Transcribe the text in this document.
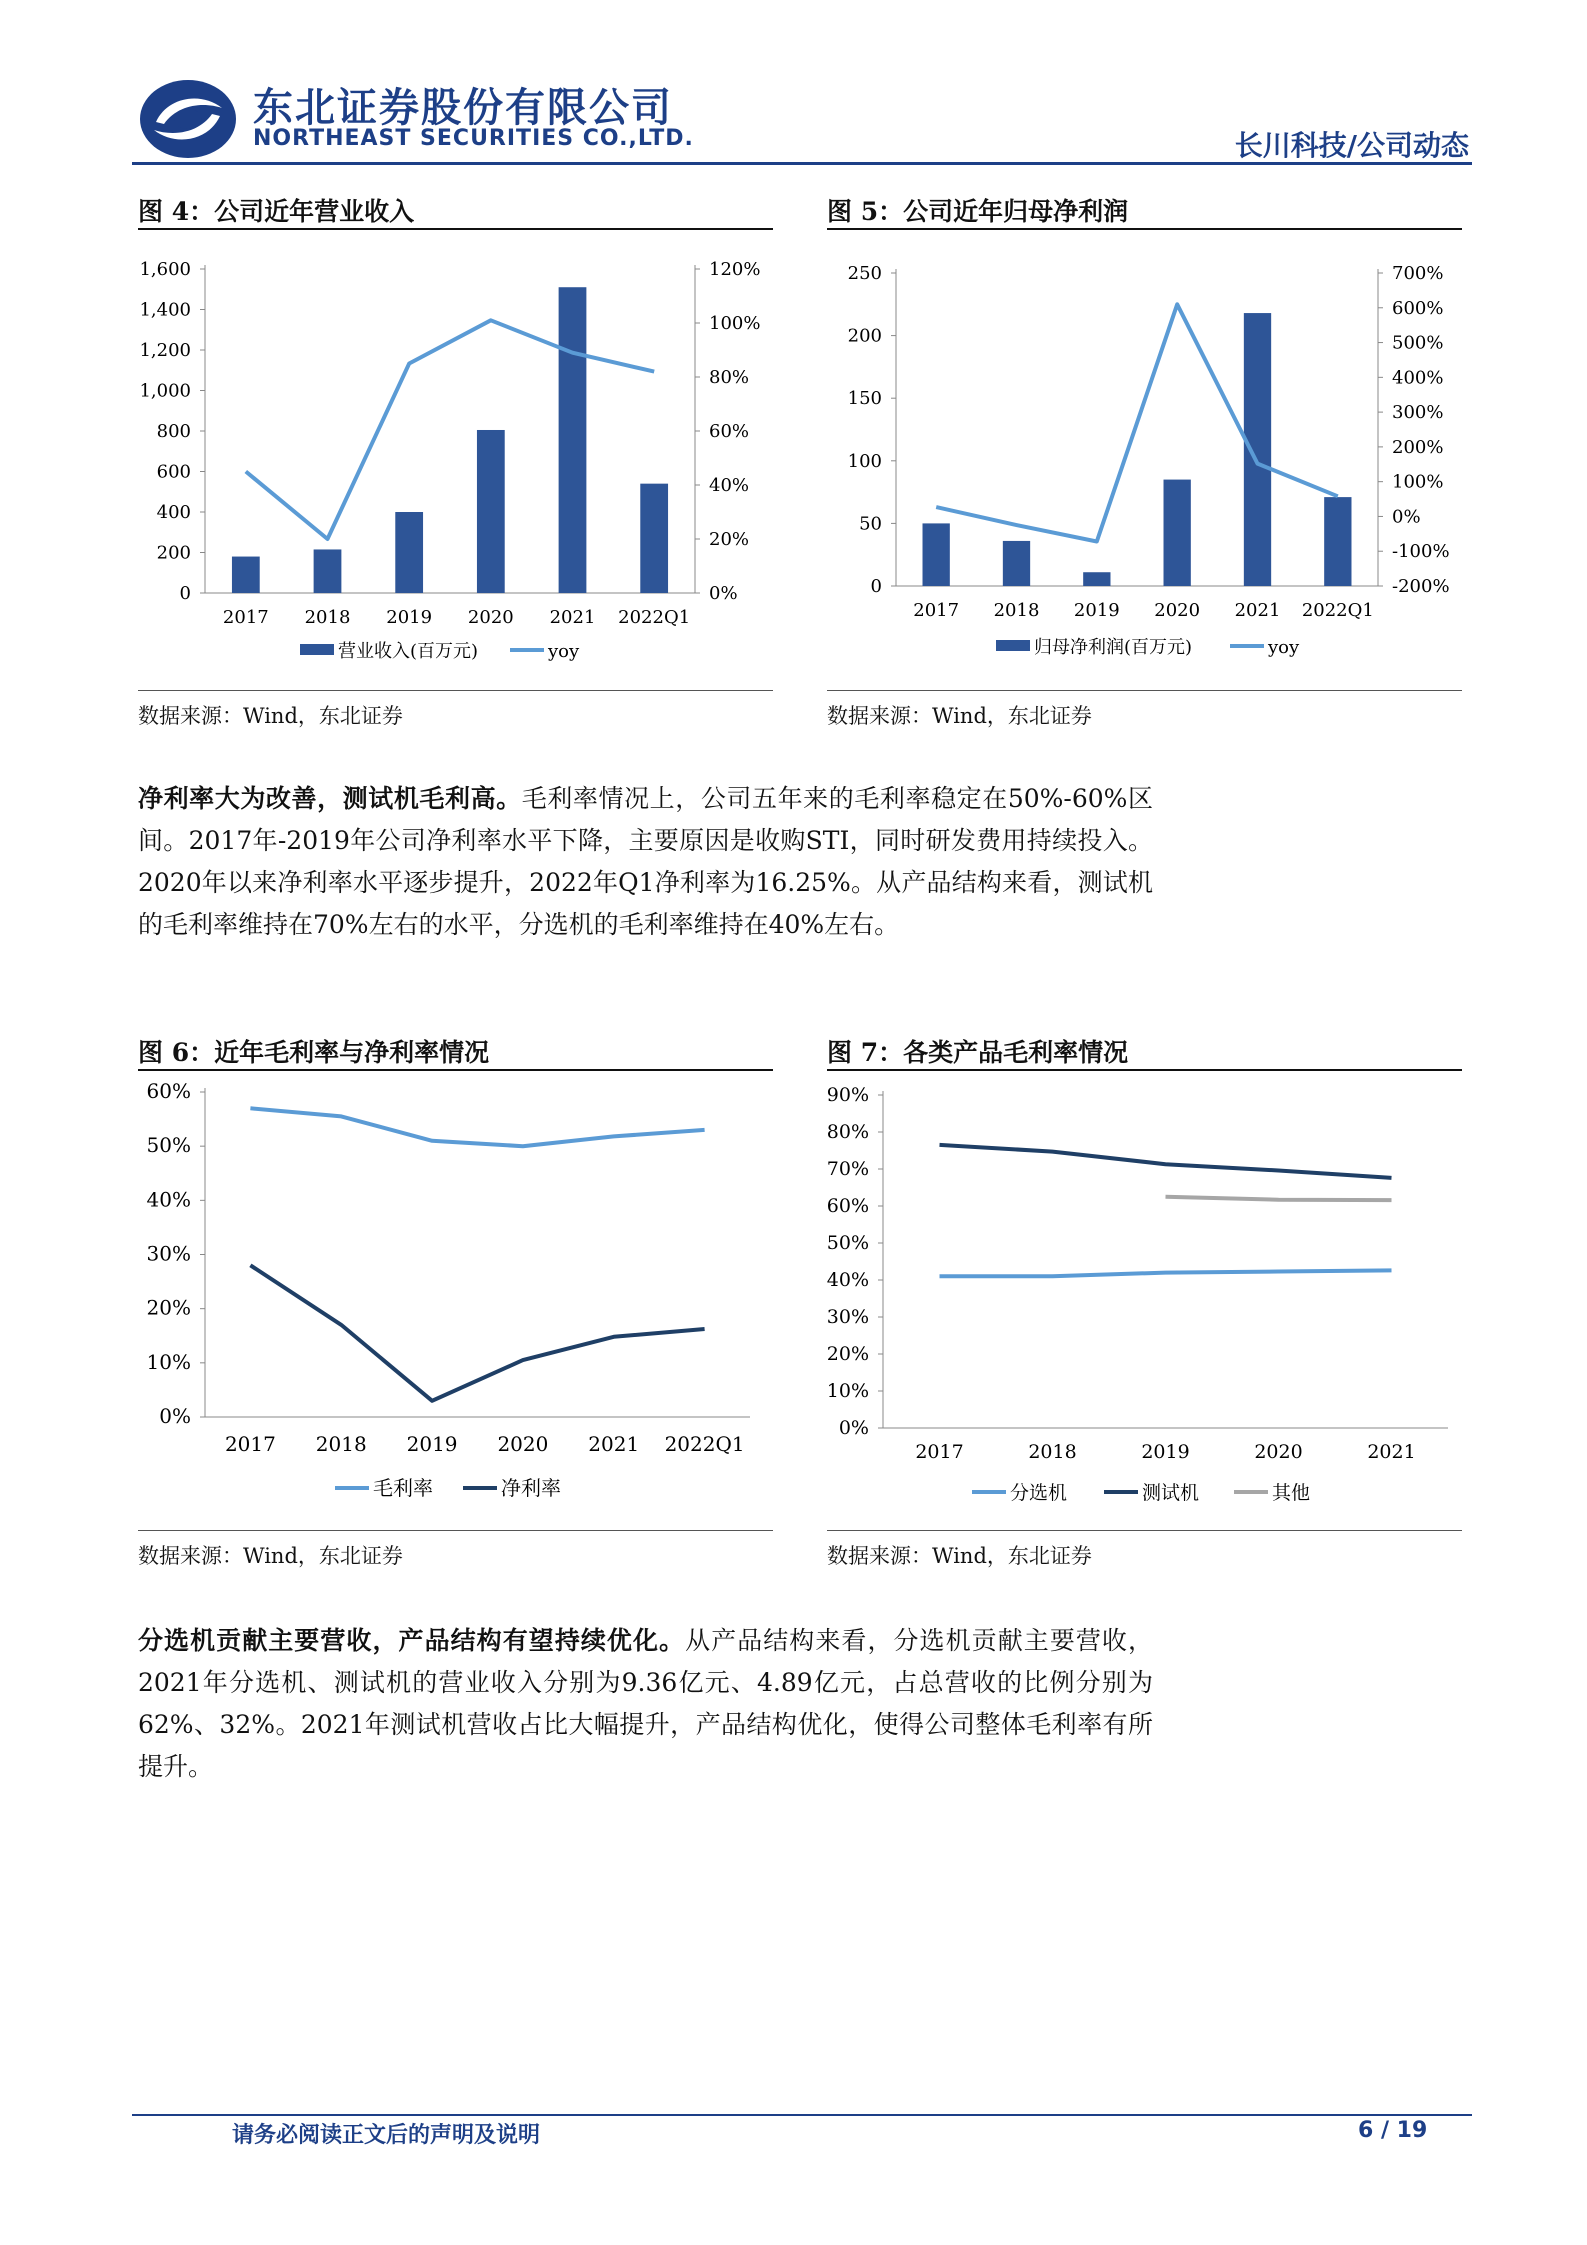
东北证券股份有限公司
NORTHEAST SECURITIES CO.,LTD.	长川科技/公司动态
图 4：公司近年营业收入
0
200
400
600
800
1,000
1,200
1,400
1,600
0%
20%
40%
60%
80%
100%
120%
2017 2018 2019 2020 2021 2022Q1
营业收入(百万元)	yoy
数据来源：Wind，东北证券
图 5：公司近年归母净利润
0
50
100
150
200
250
-200%
-100%
0%
100%
200%
300%
400%
500%
600%
700%
2017 2018 2019 2020 2021 2022Q1
归母净利润(百万元)	yoy
数据来源：Wind，东北证券
净利率大为改善，测试机毛利高。毛利率情况上，公司五年来的毛利率稳定在50%-60%区间。2017年-2019年公司净利率水平下降，主要原因是收购STI，同时研发费用持续投入。2020年以来净利率水平逐步提升，2022年Q1净利率为16.25%。从产品结构来看，测试机的毛利率维持在70%左右的水平，分选机的毛利率维持在40%左右。
图 6：近年毛利率与净利率情况
0%
10%
20%
30%
40%
50%
60%
2017 2018 2019 2020 2021 2022Q1
毛利率	净利率
数据来源：Wind，东北证券
图 7：各类产品毛利率情况
0%
10%
20%
30%
40%
50%
60%
70%
80%
90%
2017	2018	2019	2020	2021
分选机	测试机	其他
数据来源：Wind，东北证券
分选机贡献主要营收，产品结构有望持续优化。从产品结构来看，分选机贡献主要营收，2021年分选机、测试机的营业收入分别为9.36亿元、4.89亿元，占总营收的比例分别为62%、32%。2021年测试机营收占比大幅提升，产品结构优化，使得公司整体毛利率有所提升。
请务必阅读正文后的声明及说明	6 / 19
